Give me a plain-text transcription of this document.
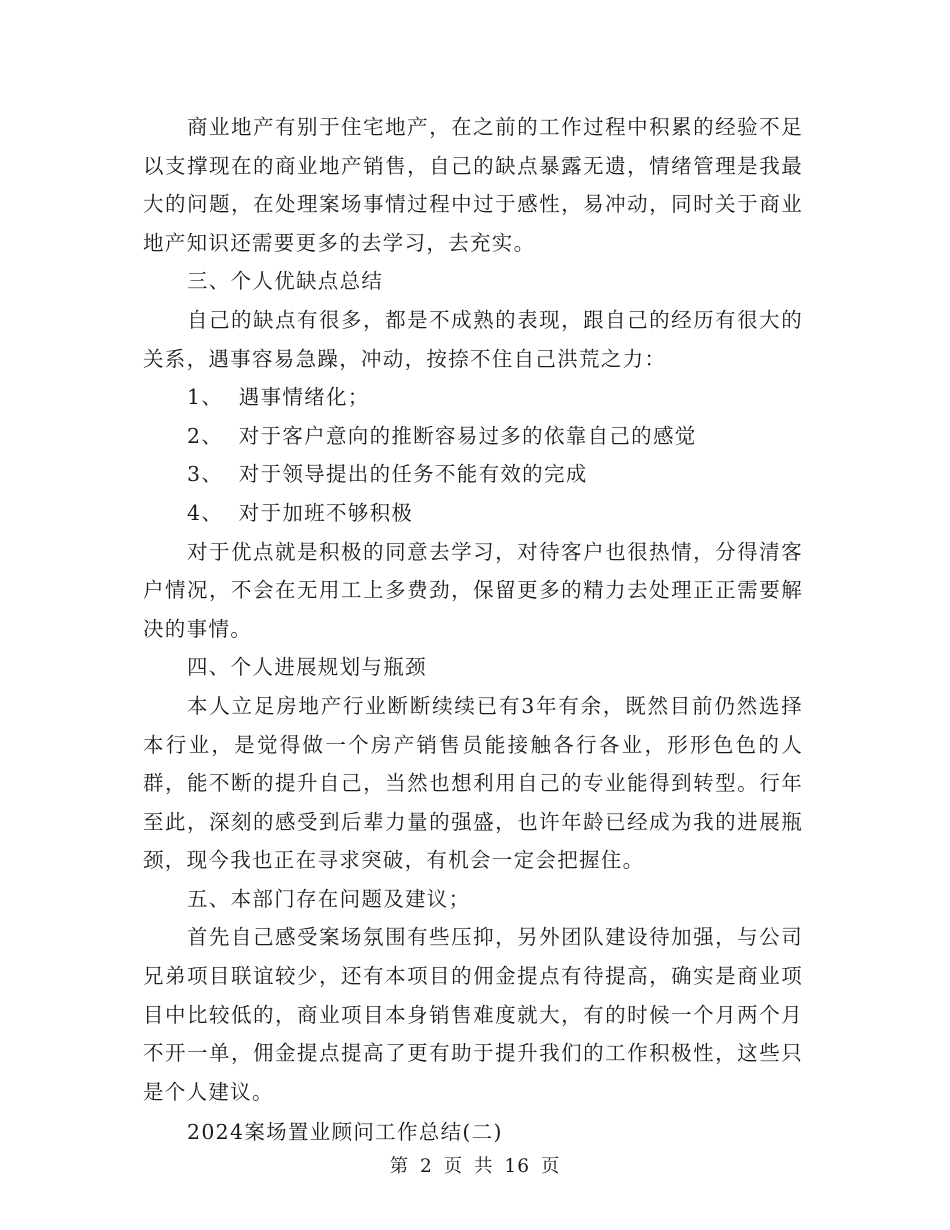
商业地产有别于住宅地产，在之前的工作过程中积累的经验不足以支撑现在的商业地产销售，自己的缺点暴露无遗，情绪管理是我最大的问题，在处理案场事情过程中过于感性，易冲动，同时关于商业地产知识还需要更多的去学习，去充实。

三、个人优缺点总结

自己的缺点有很多，都是不成熟的表现，跟自己的经历有很大的关系，遇事容易急躁，冲动，按捺不住自己洪荒之力：

1、  遇事情绪化；

2、  对于客户意向的推断容易过多的依靠自己的感觉

3、  对于领导提出的任务不能有效的完成

4、  对于加班不够积极

对于优点就是积极的同意去学习，对待客户也很热情，分得清客户情况，不会在无用工上多费劲，保留更多的精力去处理正正需要解决的事情。

四、个人进展规划与瓶颈

本人立足房地产行业断断续续已有3年有余，既然目前仍然选择本行业，是觉得做一个房产销售员能接触各行各业，形形色色的人群，能不断的提升自己，当然也想利用自己的专业能得到转型。行年至此，深刻的感受到后辈力量的强盛，也许年龄已经成为我的进展瓶颈，现今我也正在寻求突破，有机会一定会把握住。

五、本部门存在问题及建议；

首先自己感受案场氛围有些压抑，另外团队建设待加强，与公司兄弟项目联谊较少，还有本项目的佣金提点有待提高，确实是商业项目中比较低的，商业项目本身销售难度就大，有的时候一个月两个月不开一单，佣金提点提高了更有助于提升我们的工作积极性，这些只是个人建议。

2024案场置业顾问工作总结(二)

第 2 页 共 16 页
